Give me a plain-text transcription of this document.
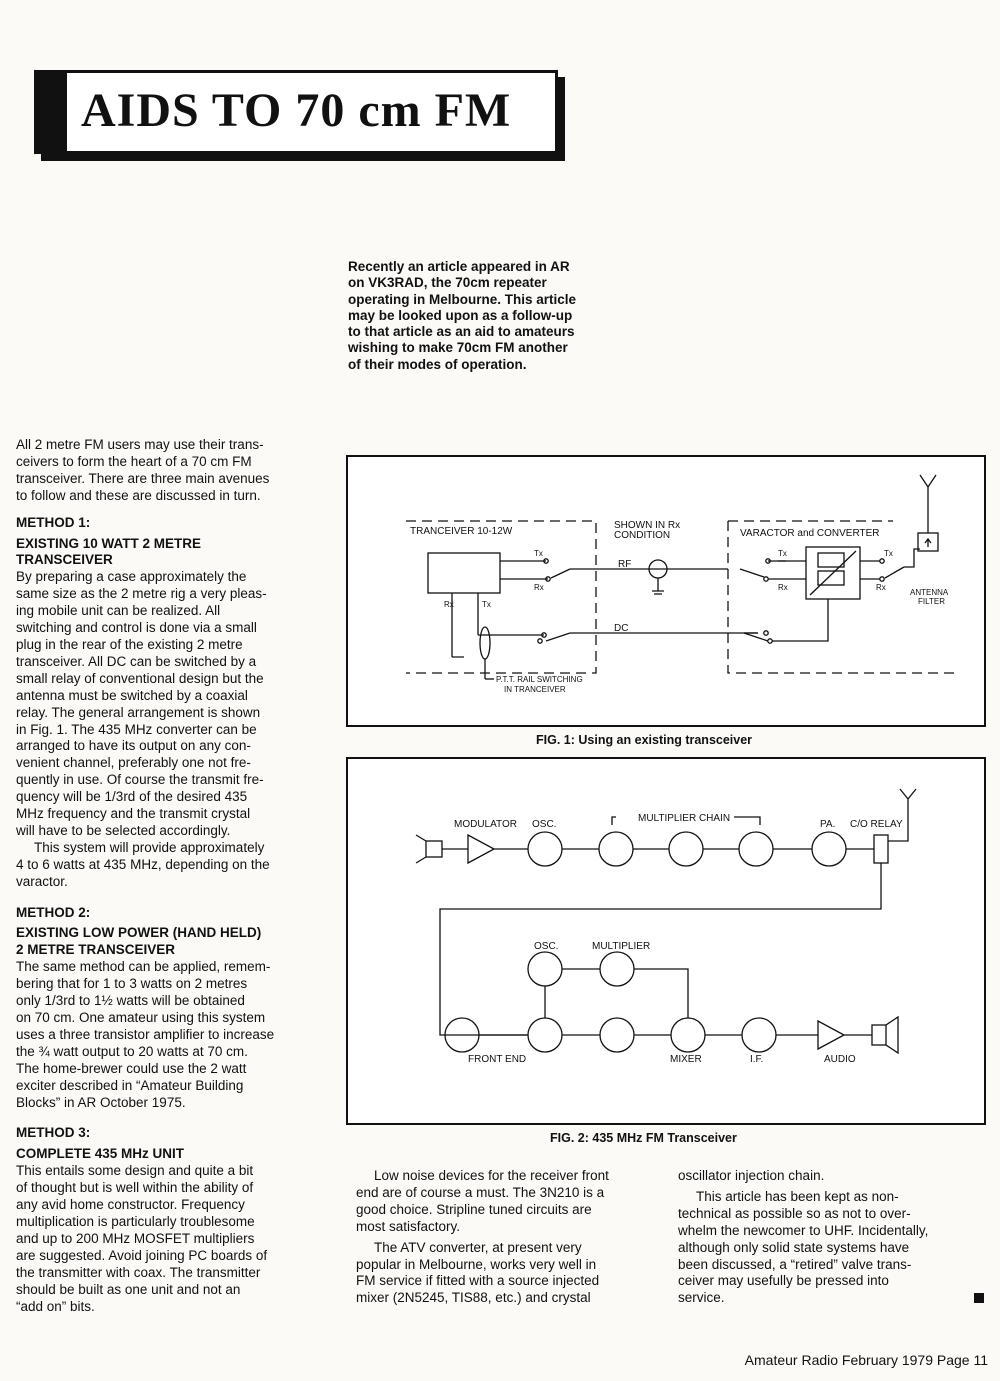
AIDS TO 70 cm FM

Recently an article appeared in AR

on VK3RAD, the 70cm repeater

operating in Melbourne. This article

may be looked upon as a follow-up

to that article as an aid to amateurs

wishing to make 70cm FM another

of their modes of operation.

All 2 metre FM users may use their trans-
ceivers to form the heart of a 70 cm FM
transceiver. There are three main avenues
to follow and these are discussed in turn.

METHOD 1:

EXISTING 10 WATT 2 METRE
TRANSCEIVER

By preparing a case approximately the
same size as the 2 metre rig a very pleas-
ing mobile unit can be realized. All
switching and control is done via a small
plug in the rear of the existing 2 metre
transceiver. All DC can be switched by a
small relay of conventional design but the
antenna must be switched by a coaxial
relay. The general arrangement is shown
in Fig. 1. The 435 MHz converter can be
arranged to have its output on any con-
venient channel, preferably one not fre-
quently in use. Of course the transmit fre-
quency will be 1/3rd of the desired 435
MHz frequency and the transmit crystal
will have to be selected accordingly.

This system will provide approximately
4 to 6 watts at 435 MHz, depending on the
varactor.

METHOD 2:

EXISTING LOW POWER (HAND HELD)
2 METRE TRANSCEIVER

The same method can be applied, remem-
bering that for 1 to 3 watts on 2 metres
only 1/3rd to 1½ watts will be obtained
on 70 cm. One amateur using this system
uses a three transistor amplifier to increase
the ¾ watt output to 20 watts at 70 cm.
The home-brewer could use the 2 watt
exciter described in “Amateur Building
Blocks” in AR October 1975.

METHOD 3:

COMPLETE 435 MHz UNIT

This entails some design and quite a bit
of thought but is well within the ability of
any avid home constructor. Frequency
multiplication is particularly troublesome
and up to 200 MHz MOSFET multipliers
are suggested. Avoid joining PC boards of
the transmitter with coax. The transmitter
should be built as one unit and not an
“add on” bits.

TRANCEIVER 10-12W
SHOWN IN Rx
CONDITION	VARACTOR and CONVERTER
RF
DC
Tx
Rx
Rx	Tx
Tx
Rx
Tx
Rx
ANTENNA
FILTER
P.T.T. RAIL SWITCHING
IN TRANCEIVER
FIG. 1: Using an existing transceiver
MODULATOR OSC.
MULTIPLIER CHAIN
PA. C/O RELAY
OSC.	MULTIPLIER
FRONT END	MIXER	I.F.	AUDIO
FIG. 2: 435 MHz FM Transceiver

Low noise devices for the receiver front
end are of course a must. The 3N210 is a
good choice. Stripline tuned circuits are
most satisfactory.

The ATV converter, at present very
popular in Melbourne, works very well in
FM service if fitted with a source injected
mixer (2N5245, TIS88, etc.) and crystal

oscillator injection chain.

This article has been kept as non-
technical as possible so as not to over-
whelm the newcomer to UHF. Incidentally,
although only solid state systems have
been discussed, a “retired” valve trans-
ceiver may usefully be pressed into
service.

Amateur Radio February 1979 Page 11
